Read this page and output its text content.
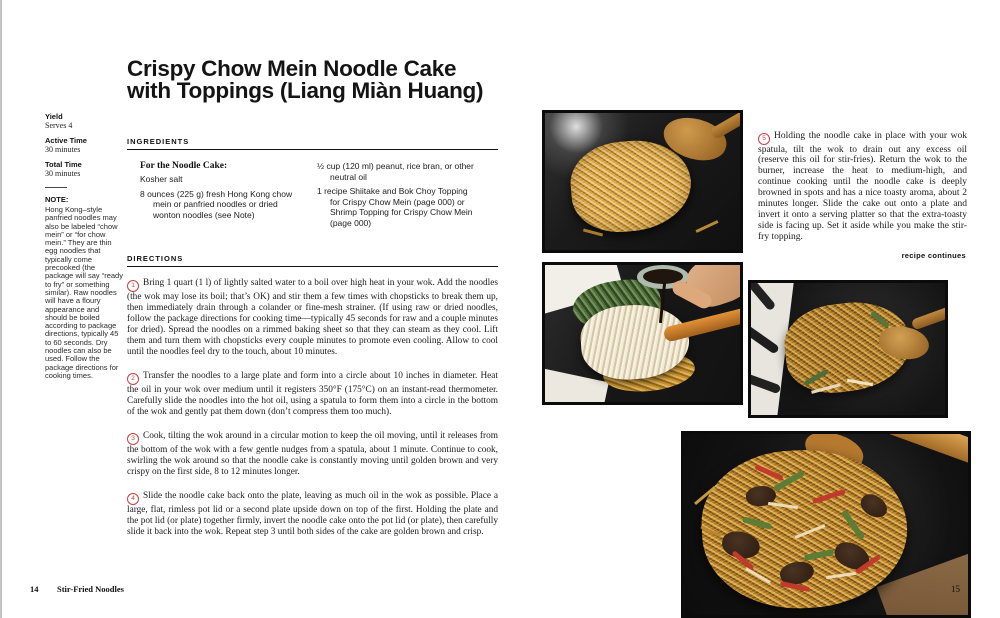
Crispy Chow Mein Noodle Cake with Toppings (Liang Miàn Huang)
Yield
Serves 4
Active Time
30 minutes
Total Time
30 minutes
NOTE:
Hong Kong–style panfried noodles may also be labeled “chow mein” or “for chow mein.” They are thin egg noodles that typically come precooked (the package will say “ready to fry” or something similar). Raw noodles will have a floury appearance and should be boiled according to package directions, typically 45 to 60 seconds. Dry noodles can also be used. Follow the package directions for cooking times.
INGREDIENTS
For the Noodle Cake:
Kosher salt
8 ounces (225 g) fresh Hong Kong chow mein or panfried noodles or dried wonton noodles (see Note)
½ cup (120 ml) peanut, rice bran, or other neutral oil
1 recipe Shiitake and Bok Choy Topping for Crispy Chow Mein (page 000) or Shrimp Topping for Crispy Chow Mein (page 000)
DIRECTIONS

1 Bring 1 quart (1 l) of lightly salted water to a boil over high heat in your wok. Add the noodles (the wok may lose its boil; that’s OK) and stir them a few times with chopsticks to break them up, then immediately drain through a colander or fine-mesh strainer. (If using raw or dried noodles, follow the package directions for cooking time—typically 45 seconds for raw and a couple minutes for dried). Spread the noodles on a rimmed baking sheet so that they can steam as they cool. Lift them and turn them with chopsticks every couple minutes to promote even cooling. Allow to cool until the noodles feel dry to the touch, about 10 minutes.

2 Transfer the noodles to a large plate and form into a circle about 10 inches in diameter. Heat the oil in your wok over medium until it registers 350°F (175°C) on an instant-read thermometer. Carefully slide the noodles into the hot oil, using a spatula to form them into a circle in the bottom of the wok and gently pat them down (don’t compress them too much).

3 Cook, tilting the wok around in a circular motion to keep the oil moving, until it releases from the bottom of the wok with a few gentle nudges from a spatula, about 1 minute. Continue to cook, swirling the wok around so that the noodle cake is constantly moving until golden brown and very crispy on the first side, 8 to 12 minutes longer.

4 Slide the noodle cake back onto the plate, leaving as much oil in the wok as possible. Place a large, flat, rimless pot lid or a second plate upside down on top of the first. Holding the plate and the pot lid (or plate) together firmly, invert the noodle cake onto the pot lid (or plate), then carefully slide it back into the wok. Repeat step 3 until both sides of the cake are golden brown and crisp.

14 Stir-Fried Noodles

5 Holding the noodle cake in place with your wok spatula, tilt the wok to drain out any excess oil (reserve this oil for stir-fries). Return the wok to the burner, increase the heat to medium-high, and continue cooking until the noodle cake is deeply browned in spots and has a nice toasty aroma, about 2 minutes longer. Slide the cake out onto a plate and invert it onto a serving platter so that the extra-toasty side is facing up. Set it aside while you make the stir-fry topping.

recipe continues
15
